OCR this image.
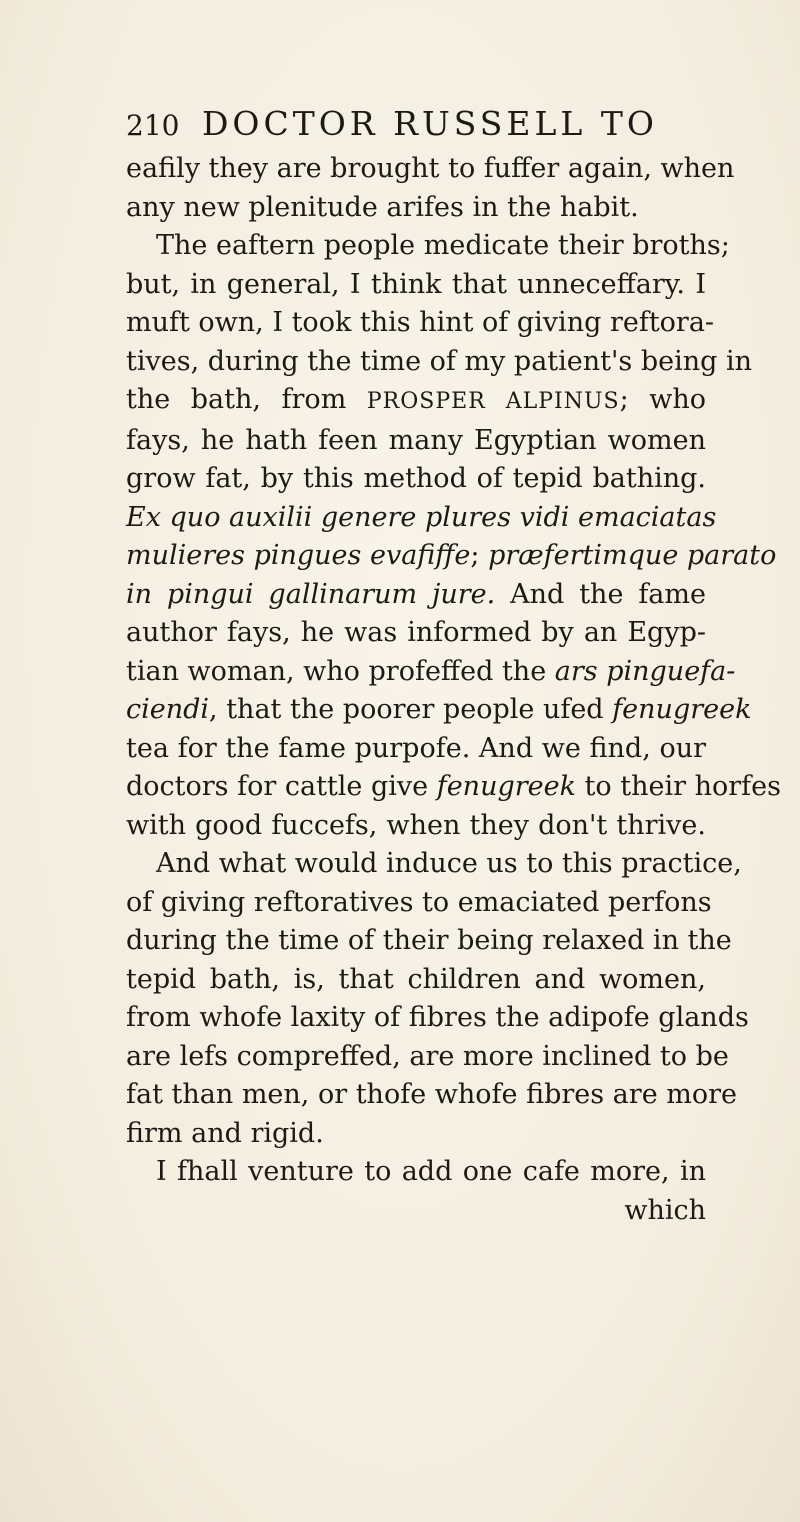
210 DOCTOR RUSSELL TO
eafily they are brought to fuffer again, when
any new plenitude arifes in the habit.
The eaftern people medicate their broths;
but, in general, I think that unneceffary. I
muft own, I took this hint of giving reftora-
tives, during the time of my patient's being in
the bath, from PROSPER ALPINUS; who
fays, he hath feen many Egyptian women
grow fat, by this method of tepid bathing.
Ex quo auxilii genere plures vidi emaciatas
mulieres pingues evafiffe; præfertimque parato
in pingui gallinarum jure. And the fame
author fays, he was informed by an Egyp-
tian woman, who profeffed the ars pinguefa-
ciendi, that the poorer people ufed fenugreek
tea for the fame purpofe. And we find, our
doctors for cattle give fenugreek to their horfes
with good fuccefs, when they don't thrive.
And what would induce us to this practice,
of giving reftoratives to emaciated perfons
during the time of their being relaxed in the
tepid bath, is, that children and women,
from whofe laxity of fibres the adipofe glands
are lefs compreffed, are more inclined to be
fat than men, or thofe whofe fibres are more
firm and rigid.
I fhall venture to add one cafe more, in
which
